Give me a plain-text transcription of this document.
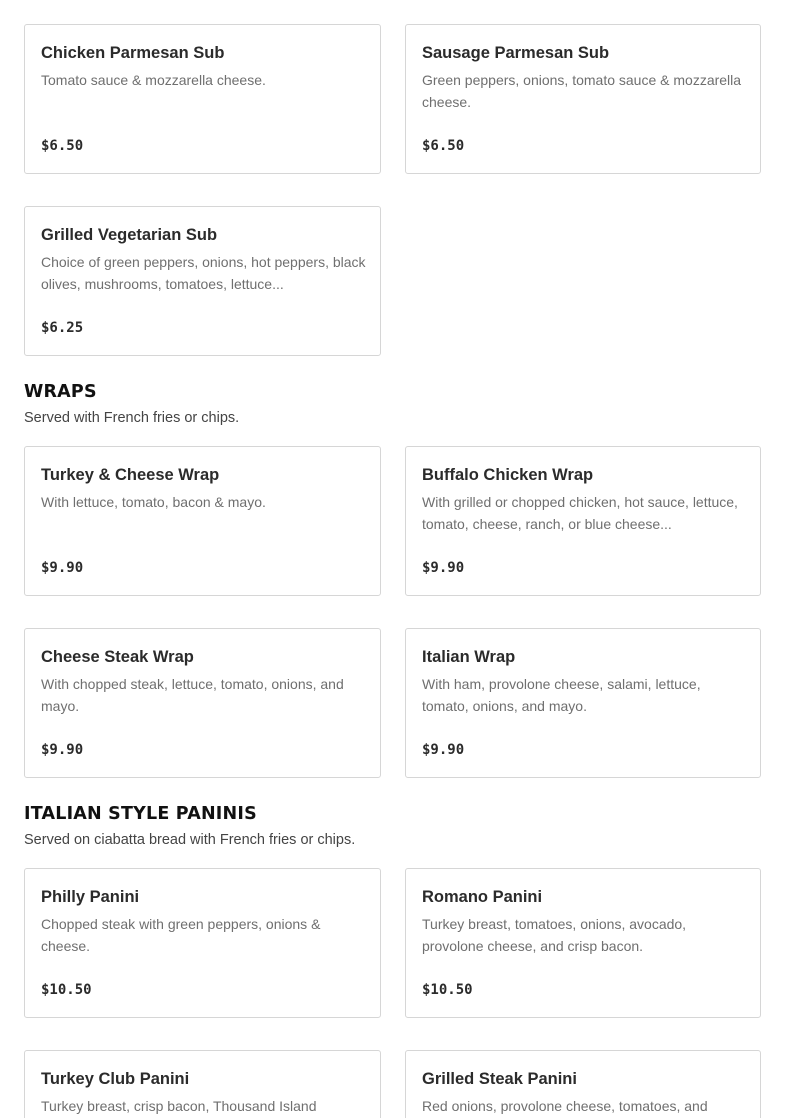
Chicken Parmesan Sub
Tomato sauce & mozzarella cheese.
$6.50
Sausage Parmesan Sub
Green peppers, onions, tomato sauce & mozzarella cheese.
$6.50
Grilled Vegetarian Sub
Choice of green peppers, onions, hot peppers, black olives, mushrooms, tomatoes, lettuce...
$6.25
WRAPS
Served with French fries or chips.
Turkey & Cheese Wrap
With lettuce, tomato, bacon & mayo.
$9.90
Buffalo Chicken Wrap
With grilled or chopped chicken, hot sauce, lettuce, tomato, cheese, ranch, or blue cheese...
$9.90
Cheese Steak Wrap
With chopped steak, lettuce, tomato, onions, and mayo.
$9.90
Italian Wrap
With ham, provolone cheese, salami, lettuce, tomato, onions, and mayo.
$9.90
ITALIAN STYLE PANINIS
Served on ciabatta bread with French fries or chips.
Philly Panini
Chopped steak with green peppers, onions & cheese.
$10.50
Romano Panini
Turkey breast, tomatoes, onions, avocado, provolone cheese, and crisp bacon.
$10.50
Turkey Club Panini
Turkey breast, crisp bacon, Thousand Island
Grilled Steak Panini
Red onions, provolone cheese, tomatoes, and
